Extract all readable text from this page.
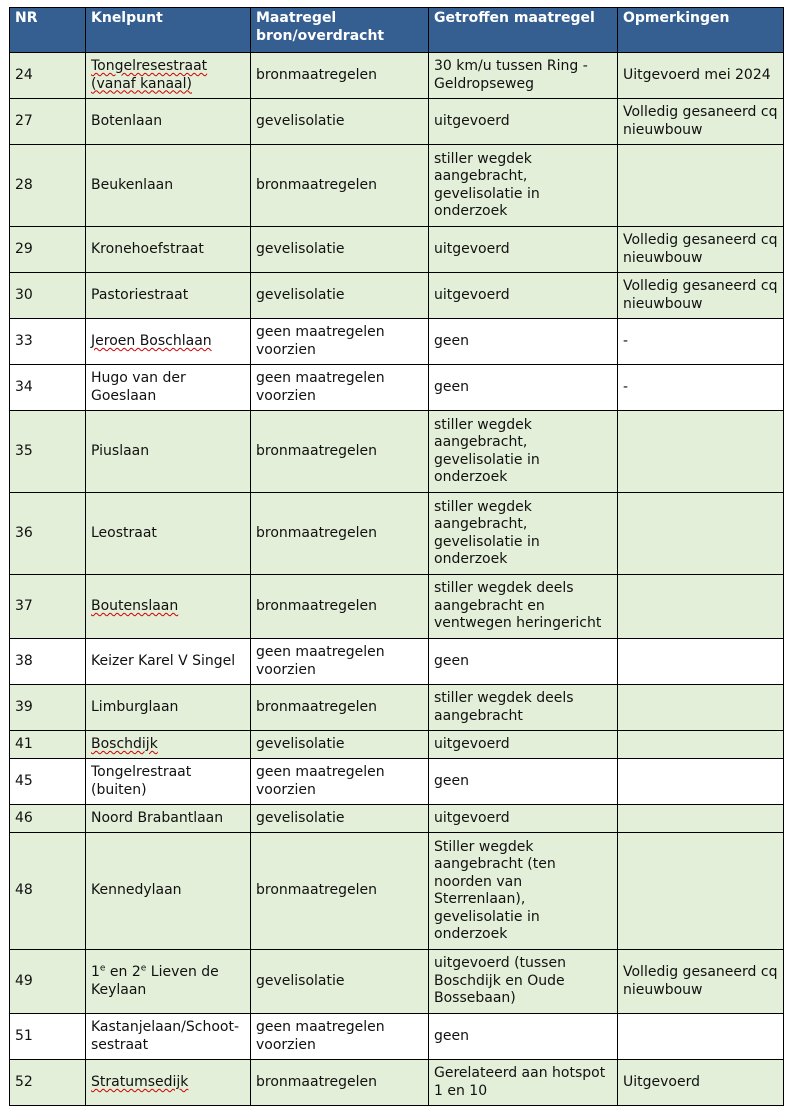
NR	Knelpunt	Maatregel bron/overdracht	Getroffen maatregel	Opmerkingen
24	Tongelresestraat (vanaf kanaal)	bronmaatregelen	30 km/u tussen Ring - Geldropseweg	Uitgevoerd mei 2024
27	Botenlaan	gevelisolatie	uitgevoerd	Volledig gesaneerd cq nieuwbouw
28	Beukenlaan	bronmaatregelen	stiller wegdek aangebracht, gevelisolatie in onderzoek	
29	Kronehoefstraat	gevelisolatie	uitgevoerd	Volledig gesaneerd cq nieuwbouw
30	Pastoriestraat	gevelisolatie	uitgevoerd	Volledig gesaneerd cq nieuwbouw
33	Jeroen Boschlaan	geen maatregelen voorzien	geen	-
34	Hugo van der Goeslaan	geen maatregelen voorzien	geen	-
35	Piuslaan	bronmaatregelen	stiller wegdek aangebracht, gevelisolatie in onderzoek	
36	Leostraat	bronmaatregelen	stiller wegdek aangebracht, gevelisolatie in onderzoek	
37	Boutenslaan	bronmaatregelen	stiller wegdek deels aangebracht en ventwegen heringericht	
38	Keizer Karel V Singel	geen maatregelen voorzien	geen	
39	Limburglaan	bronmaatregelen	stiller wegdek deels aangebracht	
41	Boschdijk	gevelisolatie	uitgevoerd	
45	Tongelrestraat (buiten)	geen maatregelen voorzien	geen	
46	Noord Brabantlaan	gevelisolatie	uitgevoerd	
48	Kennedylaan	bronmaatregelen	Stiller wegdek aangebracht (ten noorden van Sterrenlaan), gevelisolatie in onderzoek	
49	1e en 2e Lieven de Keylaan	gevelisolatie	uitgevoerd (tussen Boschdijk en Oude Bossebaan)	Volledig gesaneerd cq nieuwbouw
51	Kastanjelaan/Schoot-sestraat	geen maatregelen voorzien	geen	
52	Stratumsedijk	bronmaatregelen	Gerelateerd aan hotspot 1 en 10	Uitgevoerd
